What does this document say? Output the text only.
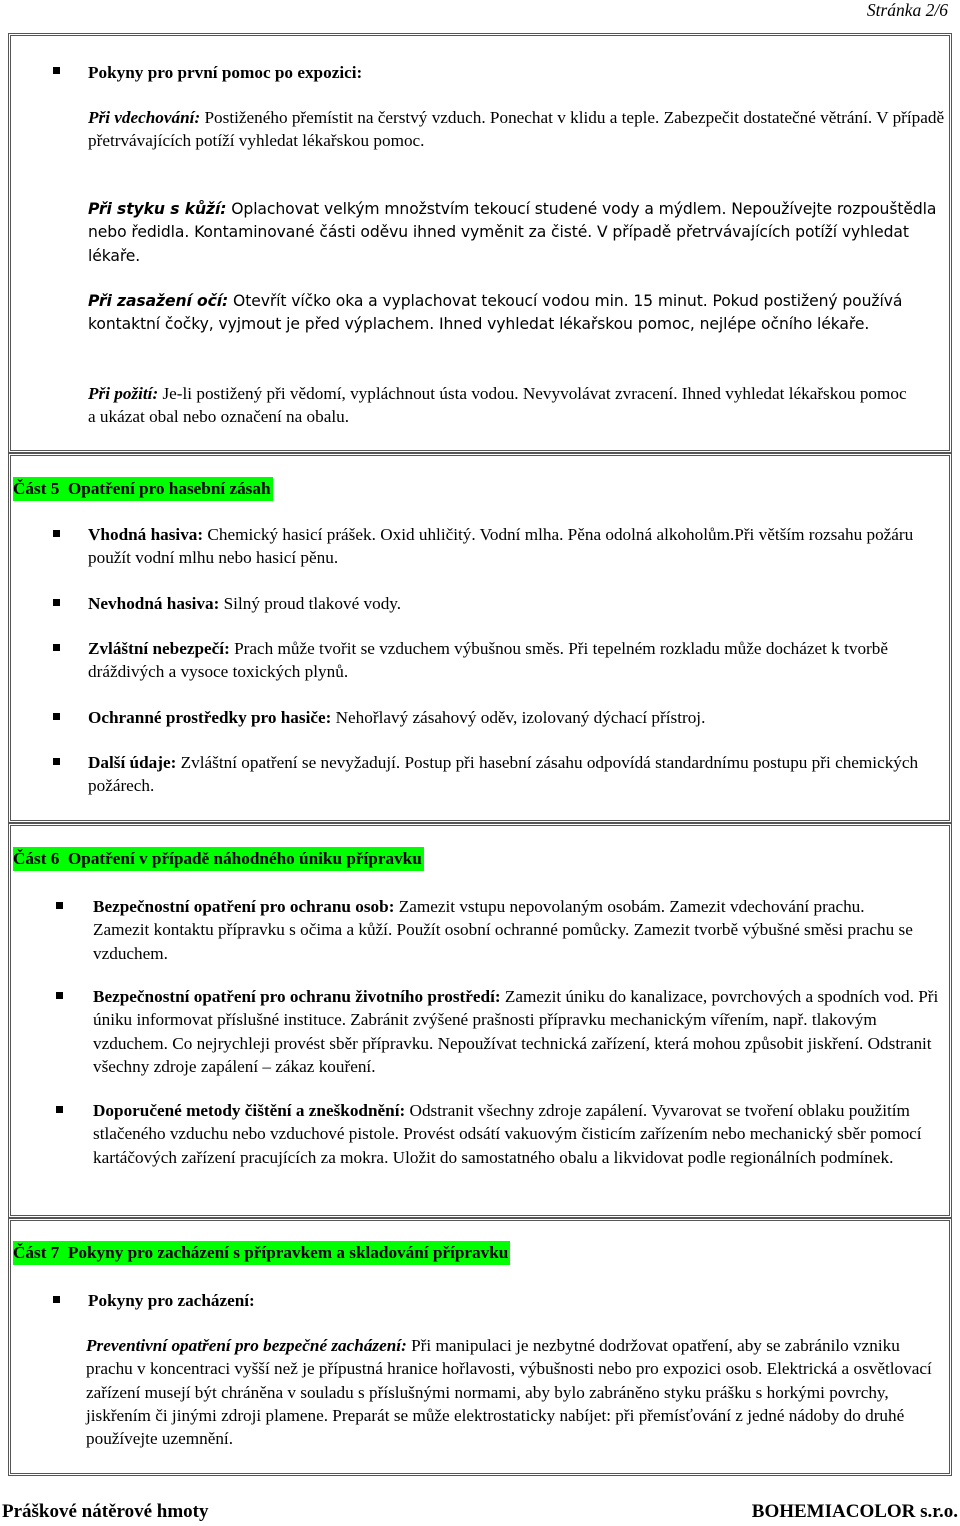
Stránka 2/6
Pokyny pro první pomoc po expozici:
Při vdechování: Postiženého přemístit na čerstvý vzduch. Ponechat v klidu a teple. Zabezpečit dostatečné větrání. V případě přetrvávajících potíží vyhledat lékařskou pomoc.
Při styku s kůží: Oplachovat velkým množstvím tekoucí studené vody a mýdlem. Nepoužívejte rozpouštědla nebo ředidla. Kontaminované části oděvu ihned vyměnit za čisté. V případě přetrvávajících potíží vyhledat lékaře.
Při zasažení očí: Otevřít víčko oka a vyplachovat tekoucí vodou min. 15 minut. Pokud postižený používá kontaktní čočky, vyjmout je před výplachem. Ihned vyhledat lékařskou pomoc, nejlépe očního lékaře.
Při požití: Je-li postižený při vědomí, vypláchnout ústa vodou. Nevyvolávat zvracení. Ihned vyhledat lékařskou pomoc a ukázat obal nebo označení na obalu.
Část 5  Opatření pro hasební zásah
Vhodná hasiva: Chemický hasicí prášek. Oxid uhličitý. Vodní mlha. Pěna odolná alkoholům.Při větším rozsahu požáru použít vodní mlhu nebo hasicí pěnu.
Nevhodná hasiva: Silný proud tlakové vody.
Zvláštní nebezpečí: Prach může tvořit se vzduchem výbušnou směs. Při tepelném rozkladu může docházet k tvorbě dráždivých a vysoce toxických plynů.
Ochranné prostředky pro hasiče: Nehořlavý zásahový oděv, izolovaný dýchací přístroj.
Další údaje: Zvláštní opatření se nevyžadují. Postup při hasební zásahu odpovídá standardnímu postupu při chemických požárech.
Část 6  Opatření v případě náhodného úniku přípravku
Bezpečnostní opatření pro ochranu osob: Zamezit vstupu nepovolaným osobám. Zamezit vdechování prachu. Zamezit kontaktu přípravku s očima a kůží. Použít osobní ochranné pomůcky. Zamezit tvorbě výbušné směsi prachu se vzduchem.
Bezpečnostní opatření pro ochranu životního prostředí: Zamezit úniku do kanalizace, povrchových a spodních vod. Při úniku informovat příslušné instituce. Zabránit zvýšené prašnosti přípravku mechanickým vířením, např. tlakovým vzduchem. Co nejrychleji provést sběr přípravku. Nepoužívat technická zařízení, která mohou způsobit jiskření. Odstranit všechny zdroje zapálení – zákaz kouření.
Doporučené metody čištění a zneškodnění: Odstranit všechny zdroje zapálení. Vyvarovat se tvoření oblaku použitím stlačeného vzduchu nebo vzduchové pistole. Provést odsátí vakuovým čisticím zařízením nebo mechanický sběr pomocí kartáčových zařízení pracujících za mokra. Uložit do samostatného obalu a likvidovat podle regionálních podmínek.
Část 7  Pokyny pro zacházení s přípravkem a skladování přípravku
Pokyny pro zacházení:
Preventivní opatření pro bezpečné zacházení: Při manipulaci je nezbytné dodržovat opatření, aby se zabránilo vzniku prachu v koncentraci vyšší než je přípustná hranice hořlavosti, výbušnosti nebo pro expozici osob. Elektrická a osvětlovací zařízení musejí být chráněna v souladu s příslušnými normami, aby bylo zabráněno styku prášku s horkými povrchy, jiskřením či jinými zdroji plamene. Preparát se může elektrostaticky nabíjet: při přemísťování z jedné nádoby do druhé používejte uzemnění.
Práškové nátěrové hmoty	BOHEMIACOLOR s.r.o.
